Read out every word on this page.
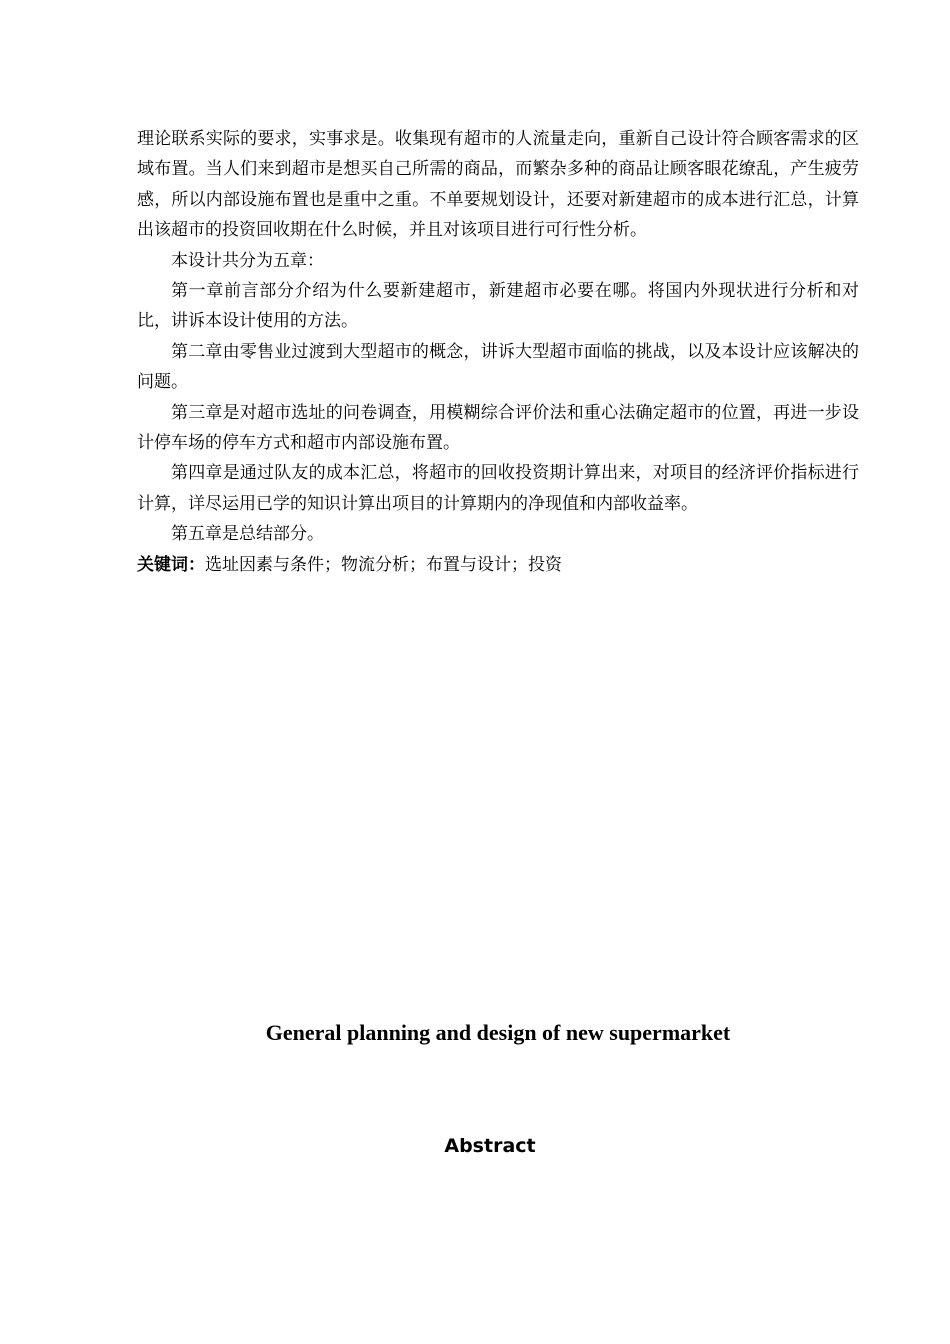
理论联系实际的要求，实事求是。收集现有超市的人流量走向，重新自己设计符合顾客需求的区域布置。当人们来到超市是想买自己所需的商品，而繁杂多种的商品让顾客眼花缭乱，产生疲劳感，所以内部设施布置也是重中之重。不单要规划设计，还要对新建超市的成本进行汇总，计算出该超市的投资回收期在什么时候，并且对该项目进行可行性分析。

本设计共分为五章：

第一章前言部分介绍为什么要新建超市，新建超市必要在哪。将国内外现状进行分析和对比，讲诉本设计使用的方法。

第二章由零售业过渡到大型超市的概念，讲诉大型超市面临的挑战，以及本设计应该解决的问题。

第三章是对超市选址的问卷调查，用模糊综合评价法和重心法确定超市的位置，再进一步设计停车场的停车方式和超市内部设施布置。

第四章是通过队友的成本汇总，将超市的回收投资期计算出来，对项目的经济评价指标进行计算，详尽运用已学的知识计算出项目的计算期内的净现值和内部收益率。

第五章是总结部分。

关键词：选址因素与条件；物流分析；布置与设计；投资

General planning and design of new supermarket
Abstract
